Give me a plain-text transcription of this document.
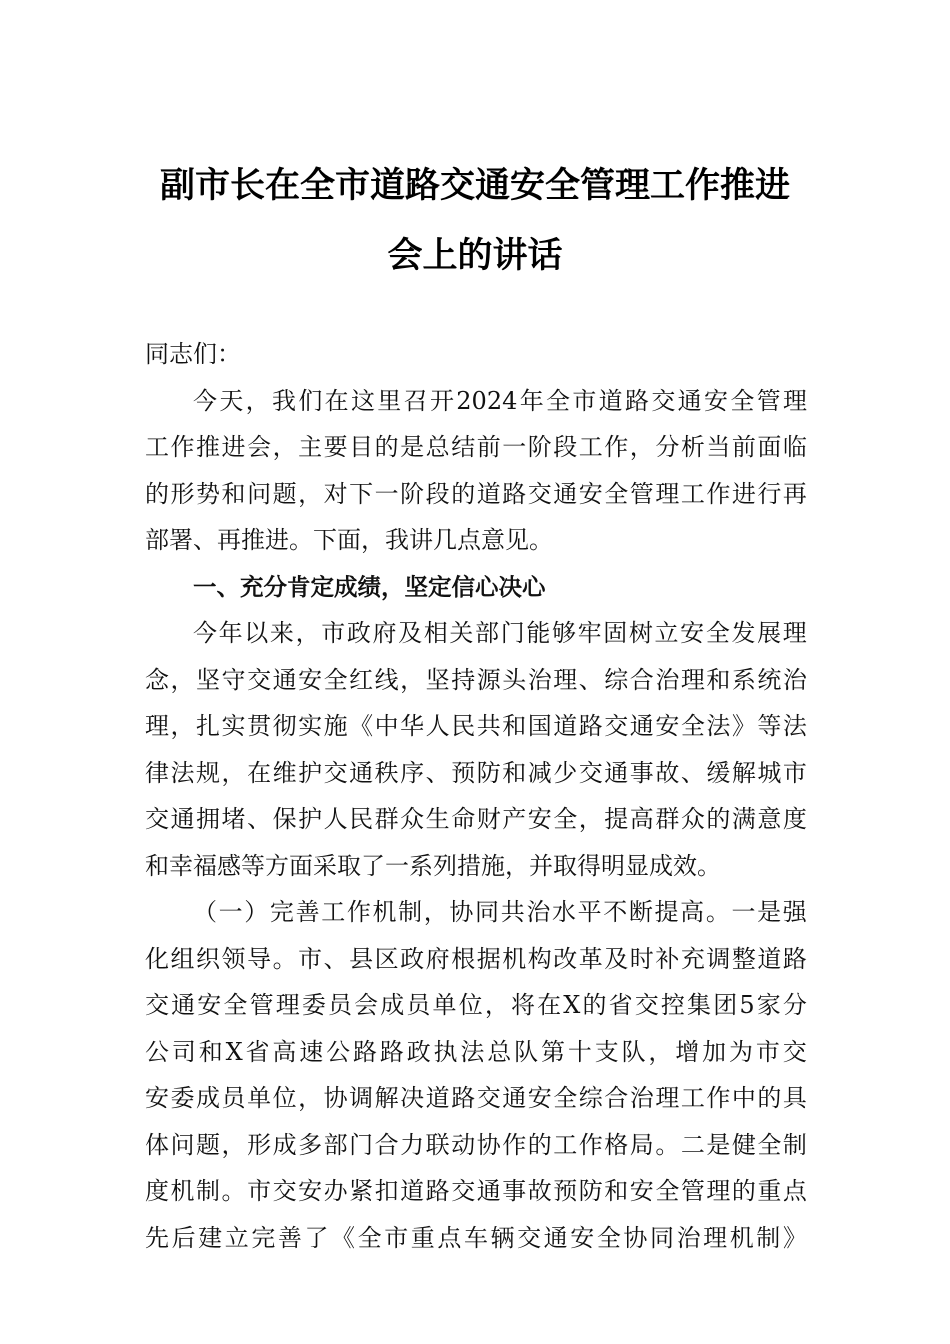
副市长在全市道路交通安全管理工作推进
会上的讲话
同志们：
今 天 ， 我 们 在 这 里 召 开 2024 年 全 市 道 路 交 通 安 全 管 理
工 作 推 进 会 ， 主 要 目 的 是 总 结 前 一 阶 段 工 作 ， 分 析 当 前 面 临
的 形 势 和 问 题 ， 对 下 一 阶 段 的 道 路 交 通 安 全 管 理 工 作 进 行 再
部署、再推进。下面，我讲几点意见。
一、充分肯定成绩，坚定信心决心
今 年 以 来 ， 市 政 府 及 相 关 部 门 能 够 牢 固 树 立 安 全 发 展 理
念 ， 坚 守 交 通 安 全 红 线 ， 坚 持 源 头 治 理 、 综 合 治 理 和 系 统 治
理 ， 扎 实 贯 彻 实 施 《 中 华 人 民 共 和 国 道 路 交 通 安 全 法 》 等 法
律 法 规 ， 在 维 护 交 通 秩 序 、 预 防 和 减 少 交 通 事 故 、 缓 解 城 市
交 通 拥 堵 、 保 护 人 民 群 众 生 命 财 产 安 全 ， 提 高 群 众 的 满 意 度
和幸福感等方面采取了一系列措施，并取得明显成效。
（ 一 ） 完 善 工 作 机 制 ， 协 同 共 治 水 平 不 断 提 高 。 一 是 强
化 组 织 领 导 。 市 、 县 区 政 府 根 据 机 构 改 革 及 时 补 充 调 整 道 路
交 通 安 全 管 理 委 员 会 成 员 单 位 ， 将 在 X 的 省 交 控 集 团 5 家 分
公 司 和 X 省 高 速 公 路 路 政 执 法 总 队 第 十 支 队 ， 增 加 为 市 交
安 委 成 员 单 位 ， 协 调 解 决 道 路 交 通 安 全 综 合 治 理 工 作 中 的 具
体 问 题 ， 形 成 多 部 门 合 力 联 动 协 作 的 工 作 格 局 。 二 是 健 全 制
度 机 制 。 市 交 安 办 紧 扣 道 路 交 通 事 故 预 防 和 安 全 管 理 的 重 点
先 后 建 立 完 善 了 《 全 市 重 点 车 辆 交 通 安 全 协 同 治 理 机 制 》
